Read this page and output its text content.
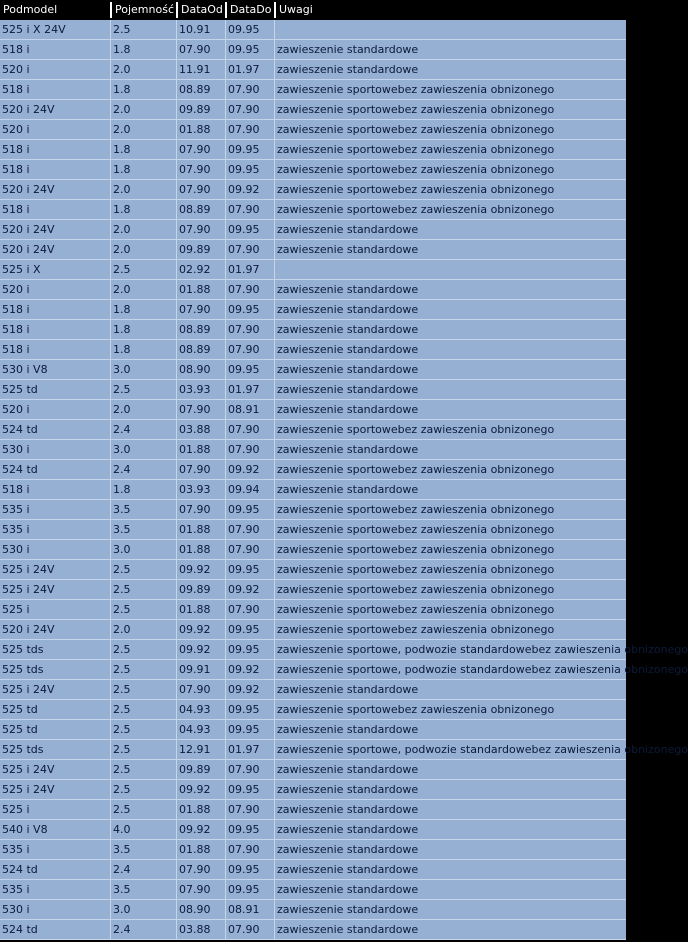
Podmodel	Pojemność DataOd DataDo Uwagi
525 i X 24V	2.5	10.91	09.95
518 i	1.8	07.90	09.95	zawieszenie standardowe
520 i	2.0	11.91	01.97	zawieszenie standardowe
518 i	1.8	08.89	07.90	zawieszenie sportowebez zawieszenia obnizonego
520 i 24V	2.0	09.89	07.90	zawieszenie sportowebez zawieszenia obnizonego
520 i	2.0	01.88	07.90	zawieszenie sportowebez zawieszenia obnizonego
518 i	1.8	07.90	09.95	zawieszenie sportowebez zawieszenia obnizonego
518 i	1.8	07.90	09.95	zawieszenie sportowebez zawieszenia obnizonego
520 i 24V	2.0	07.90	09.92	zawieszenie sportowebez zawieszenia obnizonego
518 i	1.8	08.89	07.90	zawieszenie sportowebez zawieszenia obnizonego
520 i 24V	2.0	07.90	09.95	zawieszenie standardowe
520 i 24V	2.0	09.89	07.90	zawieszenie standardowe
525 i X	2.5	02.92	01.97
520 i	2.0	01.88	07.90	zawieszenie standardowe
518 i	1.8	07.90	09.95	zawieszenie standardowe
518 i	1.8	08.89	07.90	zawieszenie standardowe
518 i	1.8	08.89	07.90	zawieszenie standardowe
530 i V8	3.0	08.90	09.95	zawieszenie standardowe
525 td	2.5	03.93	01.97	zawieszenie standardowe
520 i	2.0	07.90	08.91	zawieszenie standardowe
524 td	2.4	03.88	07.90	zawieszenie sportowebez zawieszenia obnizonego
530 i	3.0	01.88	07.90	zawieszenie standardowe
524 td	2.4	07.90	09.92	zawieszenie sportowebez zawieszenia obnizonego
518 i	1.8	03.93	09.94	zawieszenie standardowe
535 i	3.5	07.90	09.95	zawieszenie sportowebez zawieszenia obnizonego
535 i	3.5	01.88	07.90	zawieszenie sportowebez zawieszenia obnizonego
530 i	3.0	01.88	07.90	zawieszenie sportowebez zawieszenia obnizonego
525 i 24V	2.5	09.92	09.95	zawieszenie sportowebez zawieszenia obnizonego
525 i 24V	2.5	09.89	09.92	zawieszenie sportowebez zawieszenia obnizonego
525 i	2.5	01.88	07.90	zawieszenie sportowebez zawieszenia obnizonego
520 i 24V	2.0	09.92	09.95	zawieszenie sportowebez zawieszenia obnizonego
525 tds	2.5	09.92	09.95	zawieszenie sportowe, podwozie standardowebez zawieszenia obnizonego
525 tds	2.5	09.91	09.92	zawieszenie sportowe, podwozie standardowebez zawieszenia obnizonego
525 i 24V	2.5	07.90	09.92	zawieszenie standardowe
525 td	2.5	04.93	09.95	zawieszenie sportowebez zawieszenia obnizonego
525 td	2.5	04.93	09.95	zawieszenie standardowe
525 tds	2.5	12.91	01.97	zawieszenie sportowe, podwozie standardowebez zawieszenia obnizonego
525 i 24V	2.5	09.89	07.90	zawieszenie standardowe
525 i 24V	2.5	09.92	09.95	zawieszenie standardowe
525 i	2.5	01.88	07.90	zawieszenie standardowe
540 i V8	4.0	09.92	09.95	zawieszenie standardowe
535 i	3.5	01.88	07.90	zawieszenie standardowe
524 td	2.4	07.90	09.95	zawieszenie standardowe
535 i	3.5	07.90	09.95	zawieszenie standardowe
530 i	3.0	08.90	08.91	zawieszenie standardowe
524 td	2.4	03.88	07.90	zawieszenie standardowe
